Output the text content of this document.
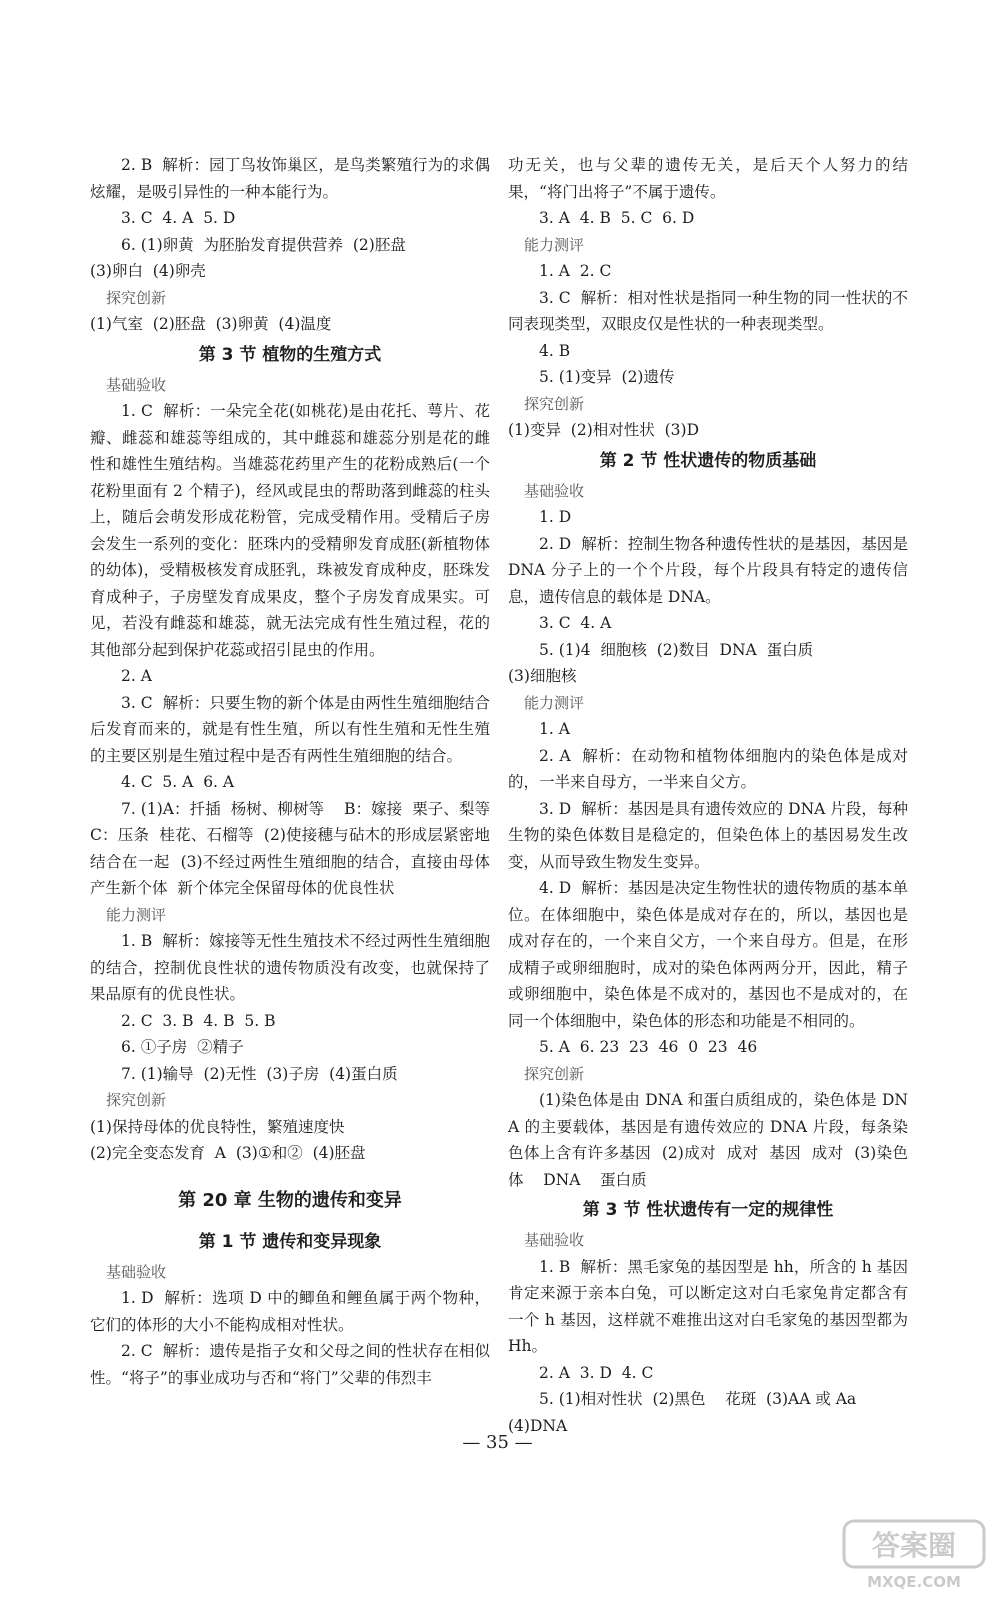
2. B  解析：园丁鸟妆饰巢区，是鸟类繁殖行为的求偶炫耀，是吸引异性的一种本能行为。

3. C  4. A  5. D

6. (1)卵黄  为胚胎发育提供营养  (2)胚盘

(3)卵白  (4)卵壳

探究创新

(1)气室  (2)胚盘  (3)卵黄  (4)温度

第 3 节 植物的生殖方式

基础验收

1. C  解析：一朵完全花(如桃花)是由花托、萼片、花瓣、雌蕊和雄蕊等组成的，其中雌蕊和雄蕊分别是花的雌性和雄性生殖结构。当雄蕊花药里产生的花粉成熟后(一个花粉里面有 2 个精子)，经风或昆虫的帮助落到雌蕊的柱头上，随后会萌发形成花粉管，完成受精作用。受精后子房会发生一系列的变化：胚珠内的受精卵发育成胚(新植物体的幼体)，受精极核发育成胚乳，珠被发育成种皮，胚珠发育成种子，子房壁发育成果皮，整个子房发育成果实。可见，若没有雌蕊和雄蕊，就无法完成有性生殖过程，花的其他部分起到保护花蕊或招引昆虫的作用。

2. A

3. C  解析：只要生物的新个体是由两性生殖细胞结合后发育而来的，就是有性生殖，所以有性生殖和无性生殖的主要区别是生殖过程中是否有两性生殖细胞的结合。

4. C  5. A  6. A

7. (1)A：扦插  杨树、柳树等    B：嫁接  栗子、梨等  C：压条  桂花、石榴等  (2)使接穗与砧木的形成层紧密地结合在一起  (3)不经过两性生殖细胞的结合，直接由母体产生新个体  新个体完全保留母体的优良性状

能力测评

1. B  解析：嫁接等无性生殖技术不经过两性生殖细胞的结合，控制优良性状的遗传物质没有改变，也就保持了果品原有的优良性状。

2. C  3. B  4. B  5. B

6. ①子房  ②精子

7. (1)输导  (2)无性  (3)子房  (4)蛋白质

探究创新

(1)保持母体的优良特性，繁殖速度快

(2)完全变态发育  A  (3)①和②  (4)胚盘

第 20 章 生物的遗传和变异

第 1 节 遗传和变异现象

基础验收

1. D  解析：选项 D 中的鲫鱼和鲤鱼属于两个物种，它们的体形的大小不能构成相对性状。

2. C  解析：遗传是指子女和父母之间的性状存在相似性。“将子”的事业成功与否和“将门”父辈的伟烈丰

功无关，也与父辈的遗传无关，是后天个人努力的结果，“将门出将子”不属于遗传。

3. A  4. B  5. C  6. D

能力测评

1. A  2. C

3. C  解析：相对性状是指同一种生物的同一性状的不同表现类型，双眼皮仅是性状的一种表现类型。

4. B

5. (1)变异  (2)遗传

探究创新

(1)变异  (2)相对性状  (3)D

第 2 节 性状遗传的物质基础

基础验收

1. D

2. D  解析：控制生物各种遗传性状的是基因，基因是 DNA 分子上的一个个片段，每个片段具有特定的遗传信息，遗传信息的载体是 DNA。

3. C  4. A

5. (1)4  细胞核  (2)数目  DNA  蛋白质

(3)细胞核

能力测评

1. A

2. A  解析：在动物和植物体细胞内的染色体是成对的，一半来自母方，一半来自父方。

3. D  解析：基因是具有遗传效应的 DNA 片段，每种生物的染色体数目是稳定的，但染色体上的基因易发生改变，从而导致生物发生变异。

4. D  解析：基因是决定生物性状的遗传物质的基本单位。在体细胞中，染色体是成对存在的，所以，基因也是成对存在的，一个来自父方，一个来自母方。但是，在形成精子或卵细胞时，成对的染色体两两分开，因此，精子或卵细胞中，染色体是不成对的，基因也不是成对的，在同一个体细胞中，染色体的形态和功能是不相同的。

5. A  6. 23  23  46  0  23  46

探究创新

(1)染色体是由 DNA 和蛋白质组成的，染色体是 DNA 的主要载体，基因是有遗传效应的 DNA 片段，每条染色体上含有许多基因  (2)成对  成对  基因  成对  (3)染色体    DNA    蛋白质

第 3 节 性状遗传有一定的规律性

基础验收

1. B  解析：黑毛家兔的基因型是 hh，所含的 h 基因肯定来源于亲本白兔，可以断定这对白毛家兔肯定都含有一个 h 基因，这样就不难推出这对白毛家兔的基因型都为 Hh。

2. A  3. D  4. C

5. (1)相对性状  (2)黑色    花斑  (3)AA 或 Aa

(4)DNA

— 35 —
答案圈
MXQE.COM
